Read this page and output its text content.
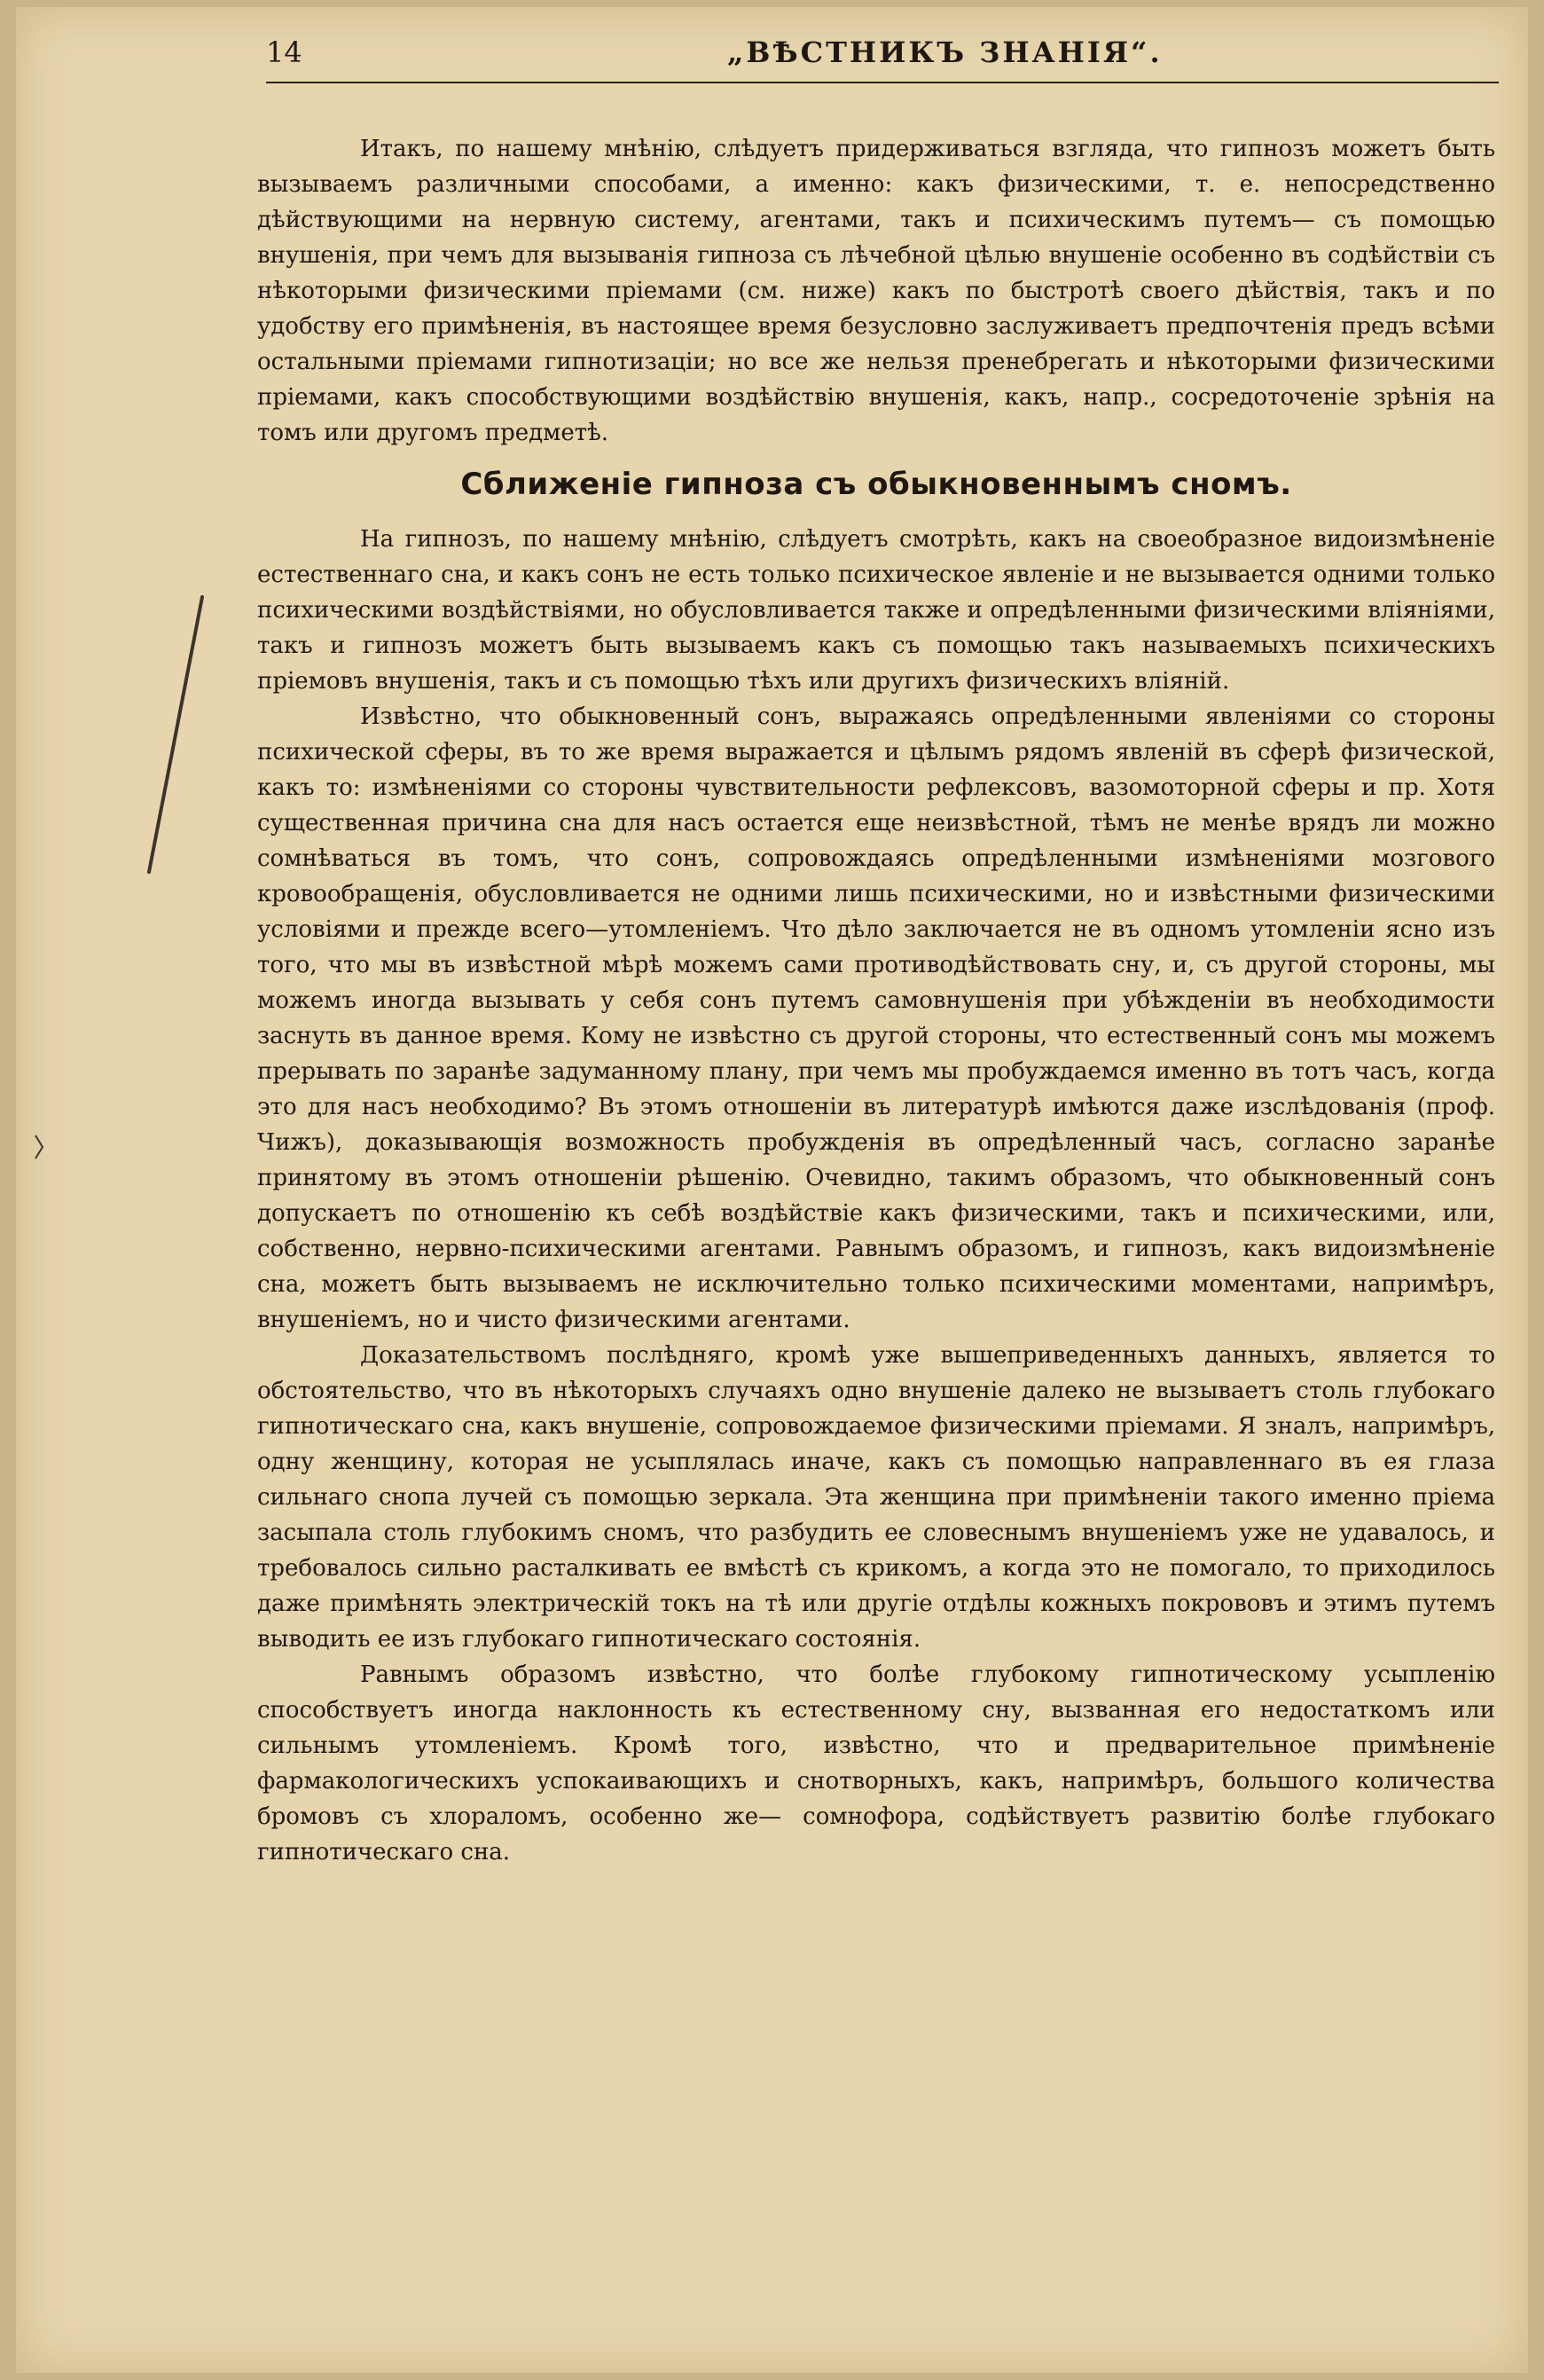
14	„ВѢСТНИКЪ ЗНАНІЯ“.

Итакъ, по нашему мнѣнію, слѣдуетъ придерживаться взгляда, что гипнозъ можетъ быть вызываемъ различными способами, а именно: какъ физическими, т. е. непосредственно дѣйствующими на нервную систему, агентами, такъ и психическимъ путемъ— съ помощью внушенія, при чемъ для вызыванія гипноза съ лѣчебной цѣлью внушеніе особенно въ содѣйствіи съ нѣкоторыми физическими пріемами (см. ниже) какъ по быстротѣ своего дѣйствія, такъ и по удобству его примѣненія, въ настоящее время безусловно заслуживаетъ предпочтенія предъ всѣми остальными пріемами гипнотизаціи; но все же нельзя пренебрегать и нѣкоторыми физическими пріемами, какъ способствующими воздѣйствію внушенія, какъ, напр., сосредоточеніе зрѣнія на томъ или другомъ предметѣ.

Сближеніе гипноза съ обыкновеннымъ сномъ.

На гипнозъ, по нашему мнѣнію, слѣдуетъ смотрѣть, какъ на своеобразное видоизмѣненіе естественнаго сна, и какъ сонъ не есть только психическое явленіе и не вызывается одними только психическими воздѣйствіями, но обусловливается также и опредѣленными физическими вліяніями, такъ и гипнозъ можетъ быть вызываемъ какъ съ помощью такъ называемыхъ психическихъ пріемовъ внушенія, такъ и съ помощью тѣхъ или другихъ физическихъ вліяній.

Извѣстно, что обыкновенный сонъ, выражаясь опредѣленными явленіями со стороны психической сферы, въ то же время выражается и цѣлымъ рядомъ явленій въ сферѣ физической, какъ то: измѣненіями со стороны чувствительности рефлексовъ, вазомоторной сферы и пр. Хотя существенная причина сна для насъ остается еще неизвѣстной, тѣмъ не менѣе врядъ ли можно сомнѣваться въ томъ, что сонъ, сопровождаясь опредѣленными измѣненіями мозгового кровообращенія, обусловливается не одними лишь психическими, но и извѣстными физическими условіями и прежде всего—утомленіемъ. Что дѣло заключается не въ одномъ утомленіи ясно изъ того, что мы въ извѣстной мѣрѣ можемъ сами противодѣйствовать сну, и, съ другой стороны, мы можемъ иногда вызывать у себя сонъ путемъ самовнушенія при убѣжденіи въ необходимости заснуть въ данное время. Кому не извѣстно съ другой стороны, что естественный сонъ мы можемъ прерывать по заранѣе задуманному плану, при чемъ мы пробуждаемся именно въ тотъ часъ, когда это для насъ необходимо? Въ этомъ отношеніи въ литературѣ имѣются даже изслѣдованія (проф. Чижъ), доказывающія возможность пробужденія въ опредѣленный часъ, согласно заранѣе принятому въ этомъ отношеніи рѣшенію. Очевидно, такимъ образомъ, что обыкновенный сонъ допускаетъ по отношенію къ себѣ воздѣйствіе какъ физическими, такъ и психическими, или, собственно, нервно-психическими агентами. Равнымъ образомъ, и гипнозъ, какъ видоизмѣненіе сна, можетъ быть вызываемъ не исключительно только психическими моментами, напримѣръ, внушеніемъ, но и чисто физическими агентами.

Доказательствомъ послѣдняго, кромѣ уже вышеприведенныхъ данныхъ, является то обстоятельство, что въ нѣкоторыхъ случаяхъ одно внушеніе далеко не вызываетъ столь глубокаго гипнотическаго сна, какъ внушеніе, сопровождаемое физическими пріемами. Я зналъ, напримѣръ, одну женщину, которая не усыплялась иначе, какъ съ помощью направленнаго въ ея глаза сильнаго снопа лучей съ помощью зеркала. Эта женщина при примѣненіи такого именно пріема засыпала столь глубокимъ сномъ, что разбудить ее словеснымъ внушеніемъ уже не удавалось, и требовалось сильно расталкивать ее вмѣстѣ съ крикомъ, а когда это не помогало, то приходилось даже примѣнять электрическій токъ на тѣ или другіе отдѣлы кожныхъ покрововъ и этимъ путемъ выводить ее изъ глубокаго гипнотическаго состоянія.

Равнымъ образомъ извѣстно, что болѣе глубокому гипнотическому усыпленію способствуетъ иногда наклонность къ естественному сну, вызванная его недостаткомъ или сильнымъ утомленіемъ. Кромѣ того, извѣстно, что и предварительное примѣненіе фармакологическихъ успокаивающихъ и снотворныхъ, какъ, напримѣръ, большого количества бромовъ съ хлораломъ, особенно же— сомнофора, содѣйствуетъ развитію болѣе глубокаго гипнотическаго сна.
